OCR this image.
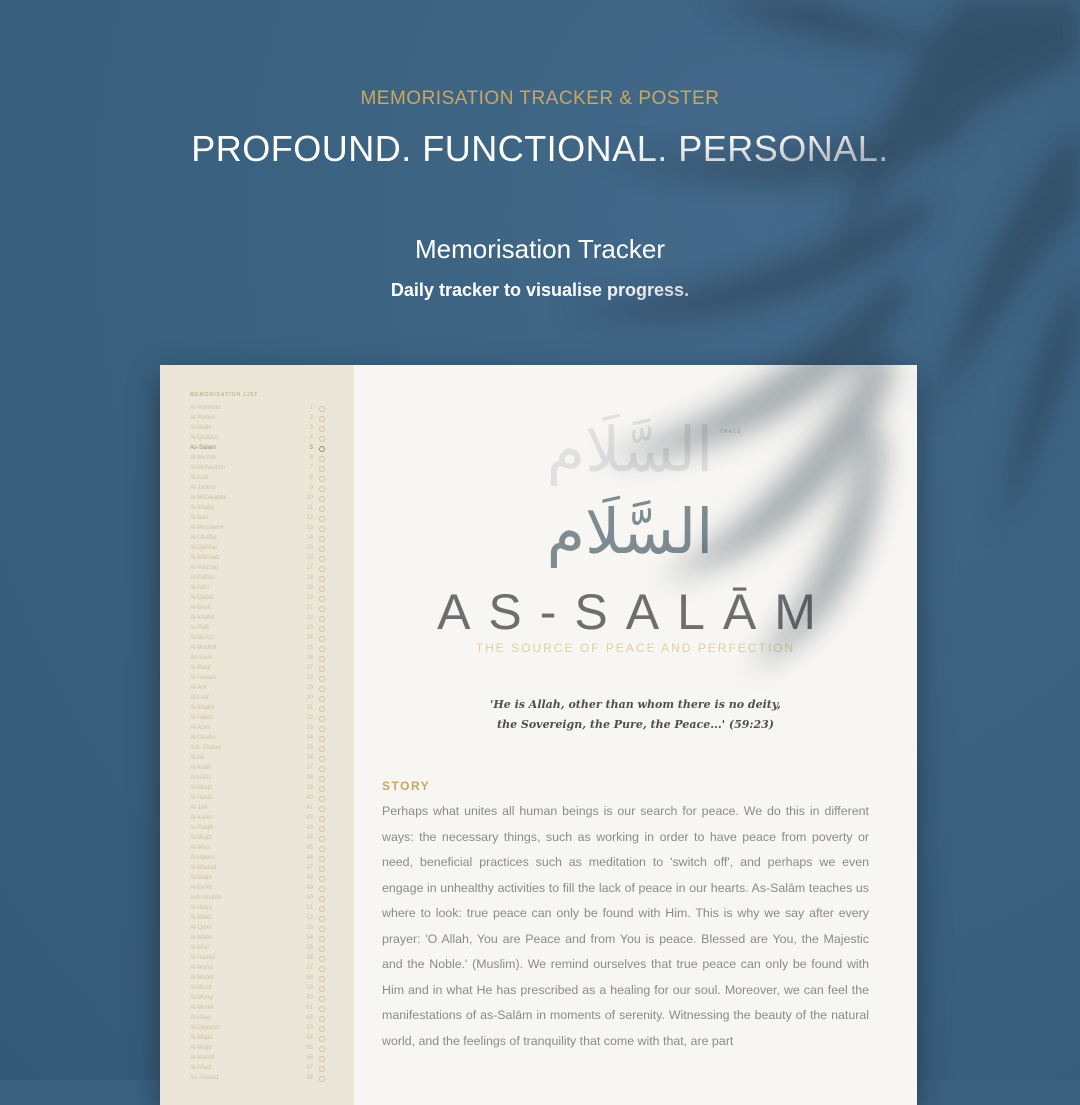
MEMORISATION TRACKER & POSTER
PROFOUND. FUNCTIONAL. PERSONAL.
Memorisation Tracker
Daily tracker to visualise progress.
MEMORISATION LIST
Ar-Rahman	1
Ar-Rahim	2
Al-Malik	3
Al-Quddus	4
As-Salam	5
Al-Mu'min	6
Al-Muhaymin	7
Al-Aziz	8
Al-Jabbar	9
Al-Mutakabbir	10
Al-Khaliq	11
Al-Bari	12
Al-Musawwir	13
Al-Ghaffar	14
Al-Qahhar	15
Al-Wahhab	16
Ar-Razzaq	17
Al-Fattah	18
Al-Alim	19
Al-Qabid	20
Al-Basit	21
Al-Khafid	22
Ar-Rafi	23
Al-Mu'izz	24
Al-Mudhill	25
As-Sami	26
Al-Basir	27
Al-Hakam	28
Al-Adl	29
Al-Latif	30
Al-Khabir	31
Al-Halim	32
Al-Azim	33
Al-Ghafur	34
Ash-Shakur	35
Al-Ali	36
Al-Kabir	37
Al-Hafiz	38
Al-Muqit	39
Al-Hasib	40
Al-Jalil	41
Al-Karim	42
Ar-Raqib	43
Al-Mujib	44
Al-Wasi	45
Al-Hakim	46
Al-Wadud	47
Al-Majid	48
Al-Ba'ith	49
Ash-Shahid	50
Al-Haqq	51
Al-Wakil	52
Al-Qawi	53
Al-Matin	54
Al-Wali	55
Al-Hamid	56
Al-Muhsi	57
Al-Mubdi	58
Al-Mu'id	59
Al-Muhyi	60
Al-Mumit	61
Al-Hayy	62
Al-Qayyum	63
Al-Wajid	64
Al-Majid	65
Al-Wahid	66
Al-Ahad	67
As-Samad	68
السَّلَام	TRACE
السَّلَام
AS-SALĀM
THE SOURCE OF PEACE AND PERFECTION
'He is Allah, other than whom there is no deity,
the Sovereign, the Pure, the Peace...' (59:23)
STORY
Perhaps what unites all human beings is our search for peace. We do this in different ways: the necessary things, such as working in order to have peace from poverty or need, beneficial practices such as meditation to 'switch off', and perhaps we even engage in unhealthy activities to fill the lack of peace in our hearts. As-Salām teaches us where to look: true peace can only be found with Him. This is why we say after every prayer: 'O Allah, You are Peace and from You is peace. Blessed are You, the Majestic and the Noble.' (Muslim). We remind ourselves that true peace can only be found with Him and in what He has prescribed as a healing for our soul. Moreover, we can feel the manifestations of as-Salām in moments of serenity. Witnessing the beauty of the natural world, and the feelings of tranquility that come with that, are part
